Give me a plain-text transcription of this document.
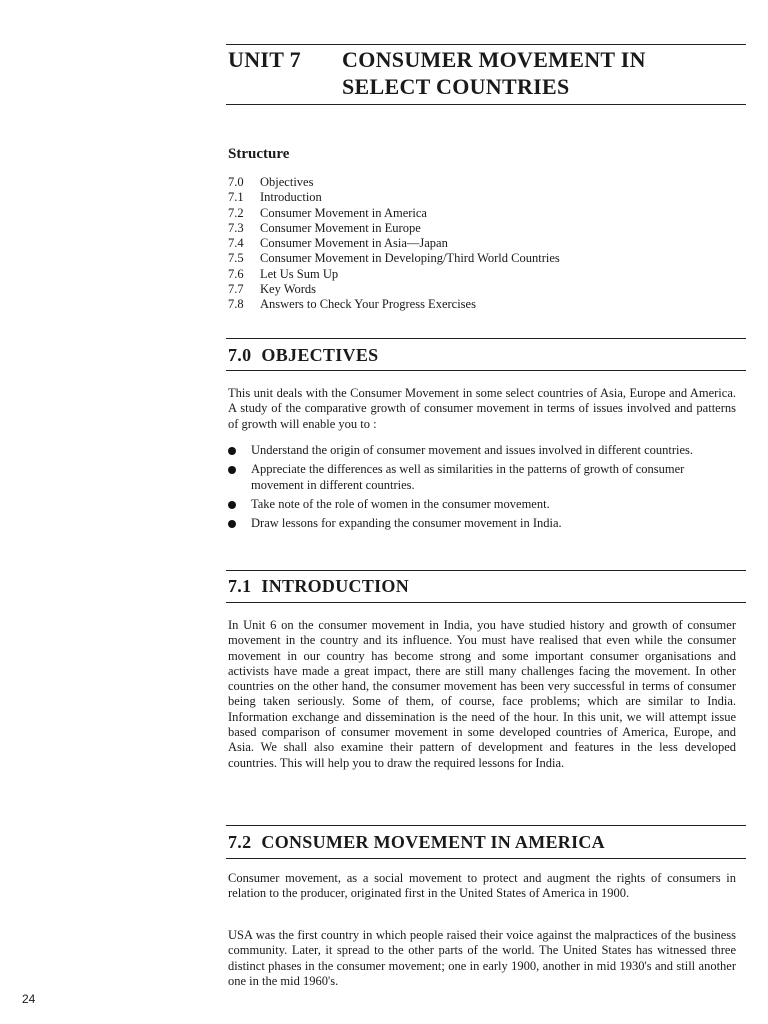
UNIT 7 CONSUMER MOVEMENT IN
SELECT COUNTRIES
Structure
7.0	Objectives
7.1	Introduction
7.2	Consumer Movement in America
7.3	Consumer Movement in Europe
7.4	Consumer Movement in Asia—Japan
7.5	Consumer Movement in Developing/Third World Countries
7.6	Let Us Sum Up
7.7	Key Words
7.8	Answers to Check Your Progress Exercises
7.0 OBJECTIVES
This unit deals with the Consumer Movement in some select countries of Asia, Europe and America. A study of the comparative growth of consumer movement in terms of issues involved and patterns of growth will enable you to :
Understand the origin of consumer movement and issues involved in different countries.
Appreciate the differences as well as similarities in the patterns of growth of consumer movement in different countries.
Take note of the role of women in the consumer movement.
Draw lessons for expanding the consumer movement in India.
7.1 INTRODUCTION
In Unit 6 on the consumer movement in India, you have studied history and growth of consumer movement in the country and its influence. You must have realised that even while the consumer movement in our country has become strong and some important consumer organisations and activists have made a great impact, there are still many challenges facing the movement. In other countries on the other hand, the consumer movement has been very successful in terms of consumer being taken seriously. Some of them, of course, face problems; which are similar to India. Information exchange and dissemination is the need of the hour. In this unit, we will attempt issue based comparison of consumer movement in some developed countries of America, Europe, and Asia. We shall also examine their pattern of development and features in the less developed countries. This will help you to draw the required lessons for India.
7.2 CONSUMER MOVEMENT IN AMERICA
Consumer movement, as a social movement to protect and augment the rights of consumers in relation to the producer, originated first in the United States of America in 1900.
USA was the first country in which people raised their voice against the malpractices of the business community. Later, it spread to the other parts of the world. The United States has witnessed three distinct phases in the consumer movement; one in early 1900, another in mid 1930's and still another one in the mid 1960's.
24
